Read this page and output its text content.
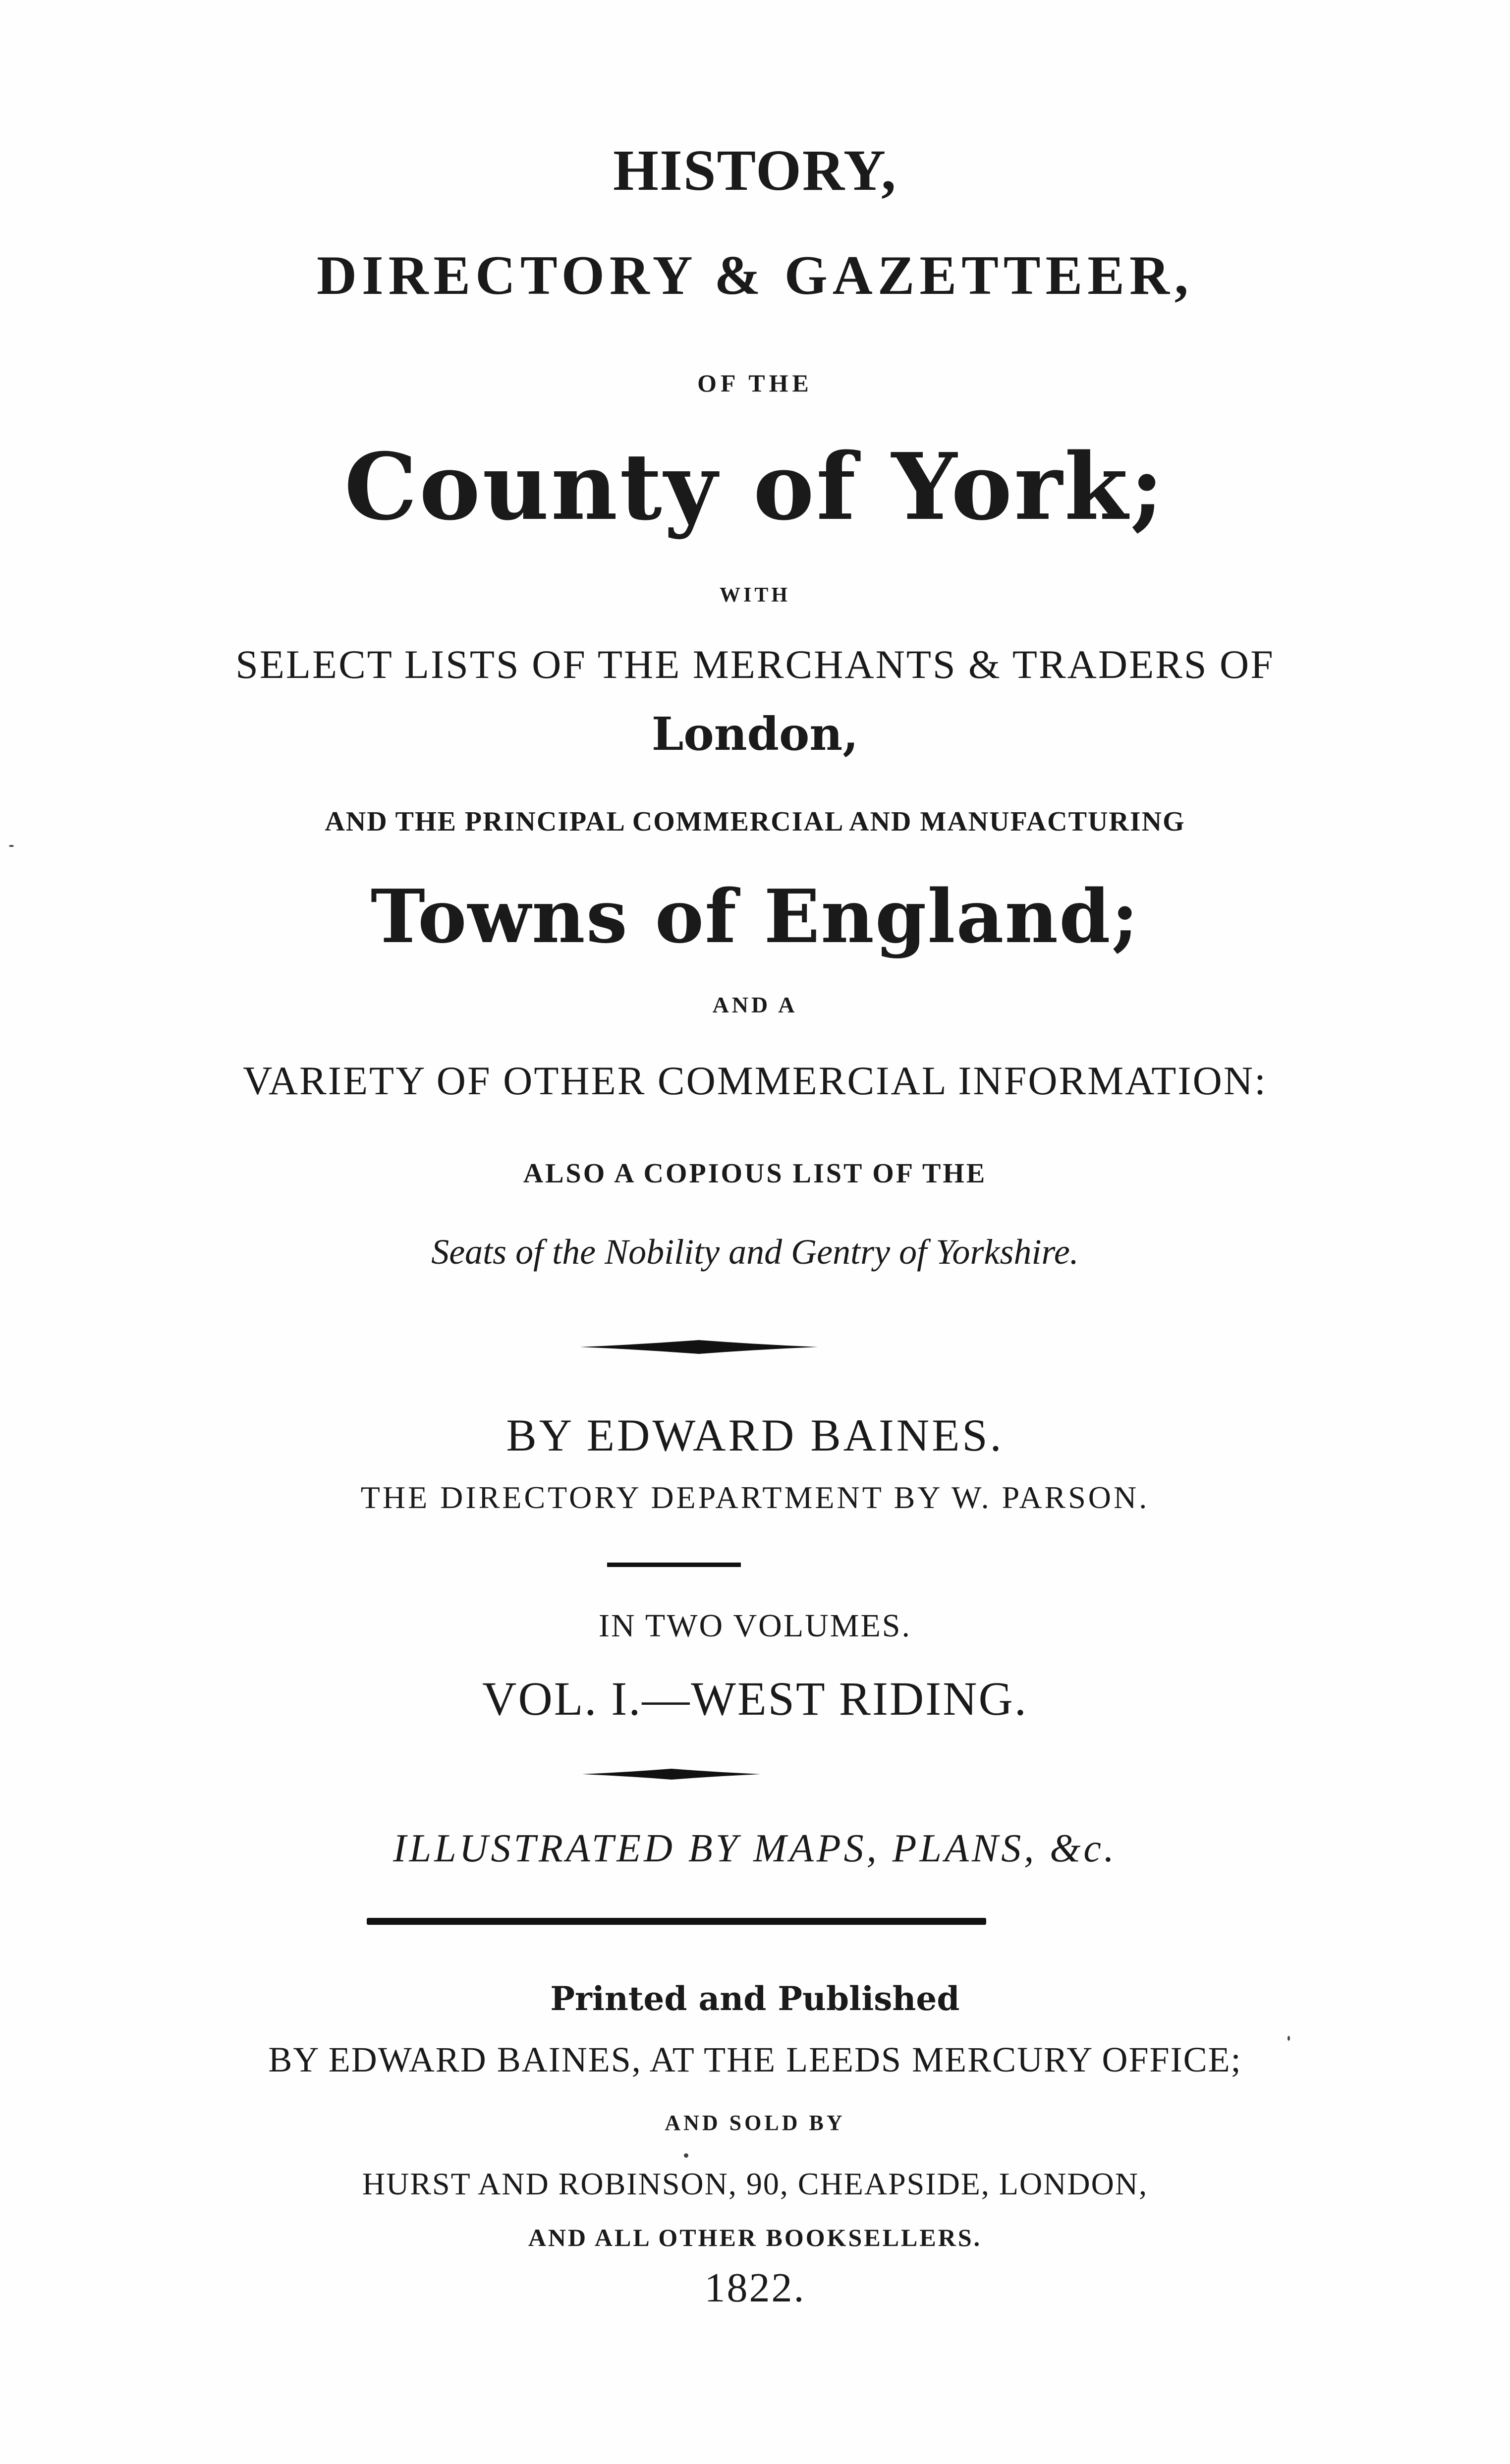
HISTORY,
DIRECTORY & GAZETTEER,
OF THE
County of York;
WITH
SELECT LISTS OF THE MERCHANTS & TRADERS OF
London,
AND THE PRINCIPAL COMMERCIAL AND MANUFACTURING
Towns of England;
AND A
VARIETY OF OTHER COMMERCIAL INFORMATION:
ALSO A COPIOUS LIST OF THE
Seats of the Nobility and Gentry of Yorkshire.
BY EDWARD BAINES.
THE DIRECTORY DEPARTMENT BY W. PARSON.
IN TWO VOLUMES.
VOL. I.—WEST RIDING.
ILLUSTRATED BY MAPS, PLANS, &c.
Printed and Published
BY EDWARD BAINES, AT THE LEEDS MERCURY OFFICE;
AND SOLD BY
HURST AND ROBINSON, 90, CHEAPSIDE, LONDON,
AND ALL OTHER BOOKSELLERS.
1822.
